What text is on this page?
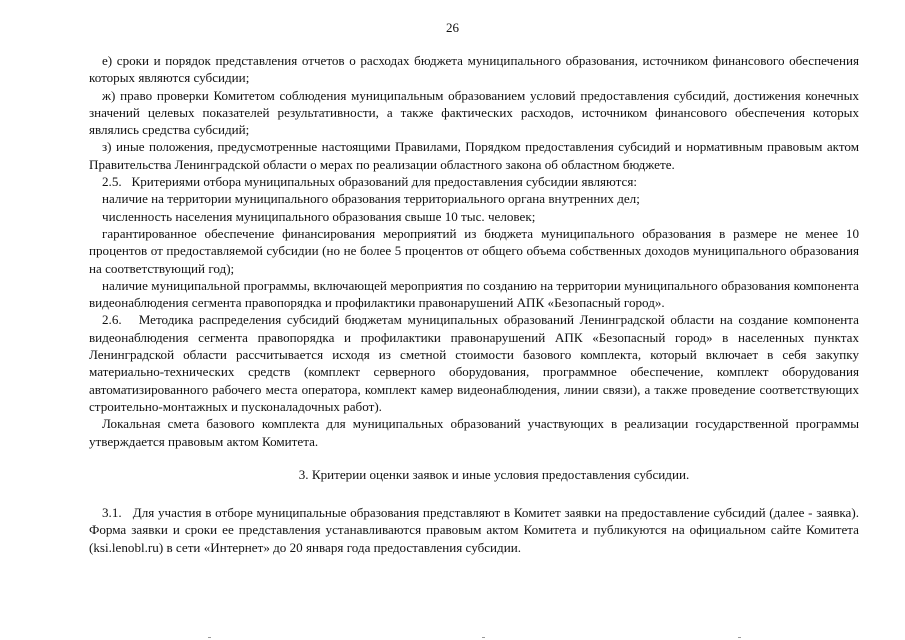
26

е) сроки и порядок представления отчетов о расходах бюджета муниципального образования, источником финансового обеспечения которых являются субсидии;

ж) право проверки Комитетом соблюдения муниципальным образованием условий предоставления субсидий, достижения конечных значений целевых показателей результативности, а также фактических расходов, источником финансового обеспечения которых являлись средства субсидий;

з) иные положения, предусмотренные настоящими Правилами, Порядком предоставления субсидий и нормативным правовым актом Правительства Ленинградской области о мерах по реализации областного закона об областном бюджете.

2.5.   Критериями отбора муниципальных образований для предоставления субсидии являются:

наличие на территории муниципального образования территориального органа внутренних дел;

численность населения муниципального образования свыше 10 тыс. человек;

гарантированное обеспечение финансирования мероприятий из бюджета муниципального образования в размере не менее 10 процентов от предоставляемой субсидии (но не более 5 процентов от общего объема собственных доходов муниципального образования на соответствующий год);

наличие муниципальной программы, включающей мероприятия по созданию на территории муниципального образования компонента видеонаблюдения сегмента правопорядка и профилактики правонарушений АПК «Безопасный город».

2.6.   Методика распределения субсидий бюджетам муниципальных образований Ленинградской области на создание компонента видеонаблюдения сегмента правопорядка и профилактики правонарушений АПК «Безопасный город» в населенных пунктах Ленинградской области рассчитывается исходя из сметной стоимости базового комплекта, который включает в себя закупку материально-технических средств (комплект серверного оборудования, программное обеспечение, комплект оборудования автоматизированного рабочего места оператора, комплект камер видеонаблюдения, линии связи), а также проведение соответствующих строительно-монтажных и пусконаладочных работ).

Локальная смета базового комплекта для муниципальных образований участвующих в реализации государственной программы утверждается правовым актом Комитета.

3. Критерии оценки заявок и иные условия предоставления субсидии.

3.1.   Для участия в отборе муниципальные образования представляют в Комитет заявки на предоставление субсидий (далее - заявка). Форма заявки и сроки ее представления устанавливаются правовым актом Комитета и публикуются на официальном сайте Комитета (ksi.lenobl.ru) в сети «Интернет» до 20 января года предоставления субсидии.
